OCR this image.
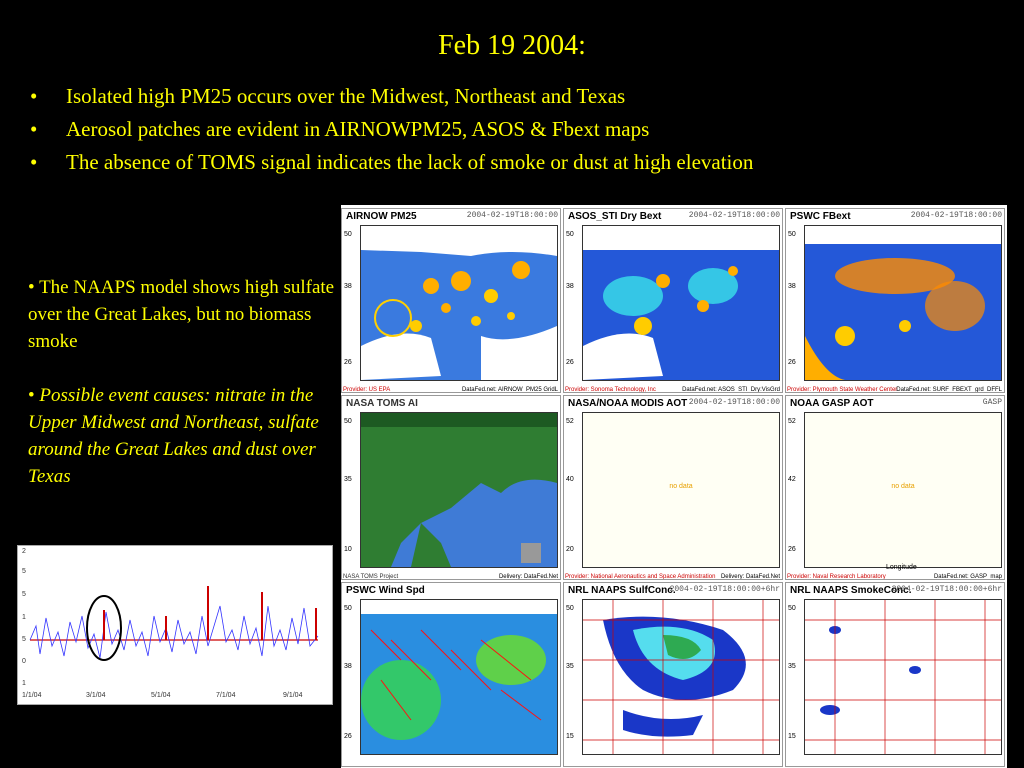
Feb 19 2004:
• Isolated high PM25 occurs over the Midwest, Northeast and Texas
• Aerosol patches are evident in AIRNOWPM25, ASOS & Fbext maps
• The absence of TOMS signal indicates the lack of smoke or dust at high elevation
• The NAAPS model shows high sulfate over the Great Lakes, but no biomass smoke
• Possible event causes: nitrate in the Upper Midwest and Northeast, sulfate around the Great Lakes and dust over Texas
AIRNOW PM25	2004-02-19T18:00:00
50
38
26
Provider: US EPA	DataFed.net: AIRNOW_PM25 GridL
ASOS_STI Dry Bext	2004-02-19T18:00:00
50
38
26
Provider: Sonoma Technology, Inc	DataFed.net: ASOS_STI_Dry:VisGrd
PSWC FBext	2004-02-19T18:00:00
50
38
26
Provider: Plymouth State Weather Center DataFed.net: SURF_FBEXT_grd_DFFL
NASA TOMS AI
50
35
10
NASA TOMS Project	Delivery: DataFed.Net
NASA/NOAA MODIS AOT 2004-02-19T18:00:00
no data
52
40
20
Provider: National Aeronautics and Space Administration Delivery: DataFed.Net
NOAA GASP AOT	GASP
no data
52
42
26
Longitude
Provider: Naval Research Laboratory	DataFed.net: GASP_map
PSWC Wind Spd
50
38
26
NRL NAAPS SulfConc.
2004-02-19T18:00:00+6hr
50
35
15
NRL NAAPS SmokeConc.
2004-02-19T18:00:00+6hr
50
35
15
2
5
5
1
5
0
1
1/1/04	3/1/04	5/1/04	7/1/04	9/1/04
